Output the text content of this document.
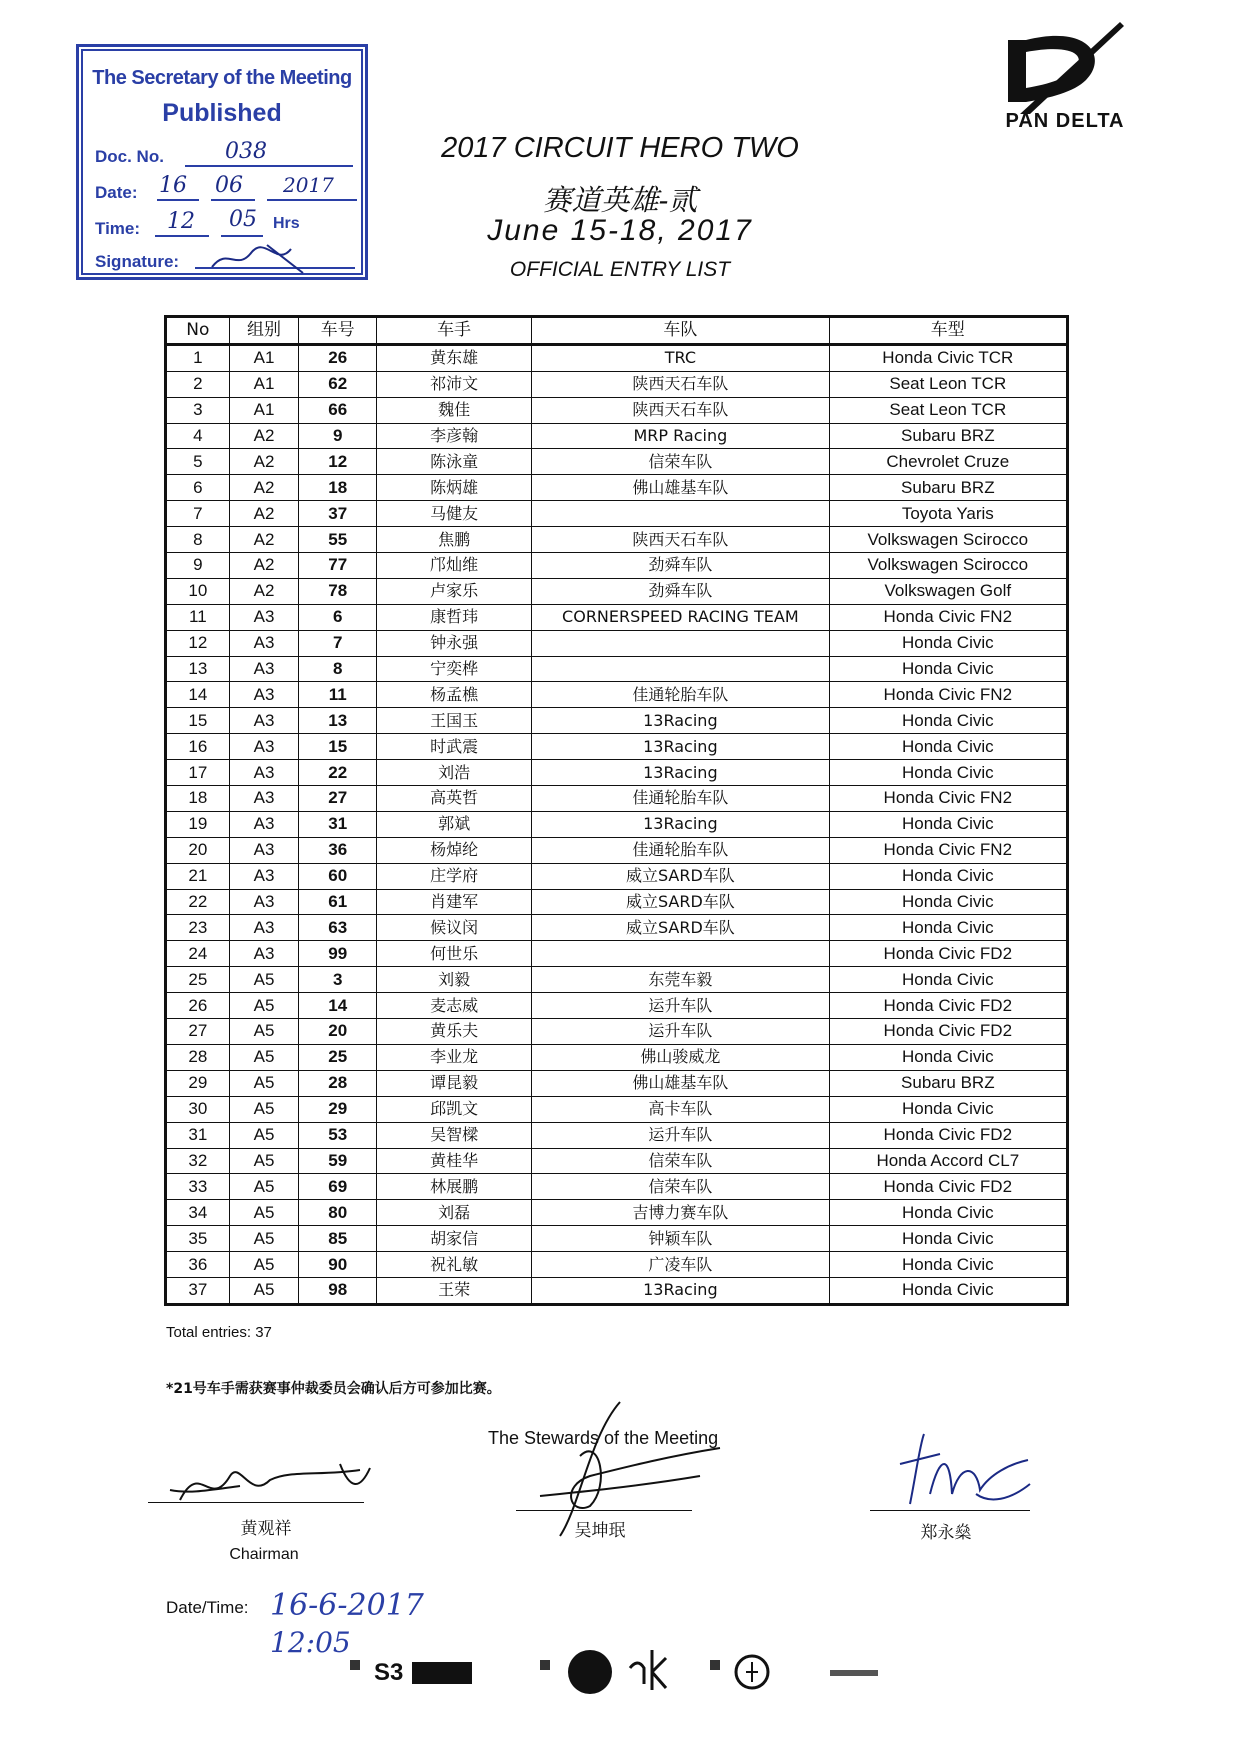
The Secretary of the Meeting
Published
Doc. No.	038
Date: 16 06 2017
Time: 12 05 Hrs
Signature:
PAN DELTA
2017 CIRCUIT HERO TWO
赛道英雄-贰
June 15-18, 2017
OFFICIAL ENTRY LIST
No	组别	车号	车手	车队	车型
1	A1	26	黄东雄	TRC	Honda Civic TCR
2	A1	62	祁沛文	陕西天石车队	Seat Leon TCR
3	A1	66	魏佳	陕西天石车队	Seat Leon TCR
4	A2	9	李彦翰	MRP Racing	Subaru BRZ
5	A2	12	陈泳童	信荣车队	Chevrolet Cruze
6	A2	18	陈炳雄	佛山雄基车队	Subaru BRZ
7	A2	37	马健友		Toyota Yaris
8	A2	55	焦鹏	陕西天石车队	Volkswagen Scirocco
9	A2	77	邝灿维	劲舜车队	Volkswagen Scirocco
10	A2	78	卢家乐	劲舜车队	Volkswagen Golf
11	A3	6	康哲玮	CORNERSPEED RACING TEAM	Honda Civic FN2
12	A3	7	钟永强		Honda Civic
13	A3	8	宁奕桦		Honda Civic
14	A3	11	杨孟樵	佳通轮胎车队	Honda Civic FN2
15	A3	13	王国玉	13Racing	Honda Civic
16	A3	15	时武震	13Racing	Honda Civic
17	A3	22	刘浩	13Racing	Honda Civic
18	A3	27	高英哲	佳通轮胎车队	Honda Civic FN2
19	A3	31	郭斌	13Racing	Honda Civic
20	A3	36	杨焯纶	佳通轮胎车队	Honda Civic FN2
21	A3	60	庄学府	威立SARD车队	Honda Civic
22	A3	61	肖建军	威立SARD车队	Honda Civic
23	A3	63	候议闵	威立SARD车队	Honda Civic
24	A3	99	何世乐		Honda Civic FD2
25	A5	3	刘毅	东莞车毅	Honda Civic
26	A5	14	麦志威	运升车队	Honda Civic FD2
27	A5	20	黄乐夫	运升车队	Honda Civic FD2
28	A5	25	李业龙	佛山骏威龙	Honda Civic
29	A5	28	谭昆毅	佛山雄基车队	Subaru BRZ
30	A5	29	邱凯文	高卡车队	Honda Civic
31	A5	53	吴智樑	运升车队	Honda Civic FD2
32	A5	59	黄桂华	信荣车队	Honda Accord CL7
33	A5	69	林展鹏	信荣车队	Honda Civic FD2
34	A5	80	刘磊	吉博力赛车队	Honda Civic
35	A5	85	胡家信	钟颖车队	Honda Civic
36	A5	90	祝礼敏	广凌车队	Honda Civic
37	A5	98	王荣	13Racing	Honda Civic
Total entries: 37
*21号车手需获赛事仲裁委员会确认后方可参加比赛。
The Stewards of the Meeting
黄观祥
Chairman
吴坤珉	郑永燊
Date/Time: 16-6-2017
12:05
S3
